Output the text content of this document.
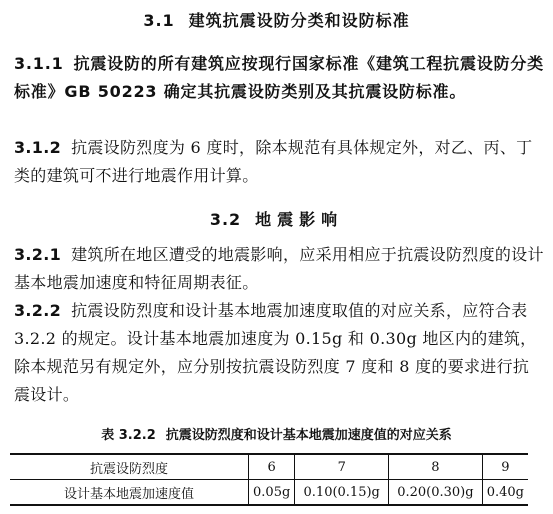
3.1 建筑抗震设防分类和设防标准
3.1.1 抗震设防的所有建筑应按现行国家标准《建筑工程抗震设防分类标准》GB 50223 确定其抗震设防类别及其抗震设防标准。
3.1.2 抗震设防烈度为 6 度时，除本规范有具体规定外，对乙、丙、丁类的建筑可不进行地震作用计算。
3.2 地震影响
3.2.1 建筑所在地区遭受的地震影响，应采用相应于抗震设防烈度的设计基本地震加速度和特征周期表征。
3.2.2 抗震设防烈度和设计基本地震加速度取值的对应关系，应符合表 3.2.2 的规定。设计基本地震加速度为 0.15g 和 0.30g 地区内的建筑，除本规范另有规定外，应分别按抗震设防烈度 7 度和 8 度的要求进行抗震设计。
表 3.2.2 抗震设防烈度和设计基本地震加速度值的对应关系
抗震设防烈度	6	7	8	9
设计基本地震加速度值	0.05g	0.10(0.15)g	0.20(0.30)g	0.40g
